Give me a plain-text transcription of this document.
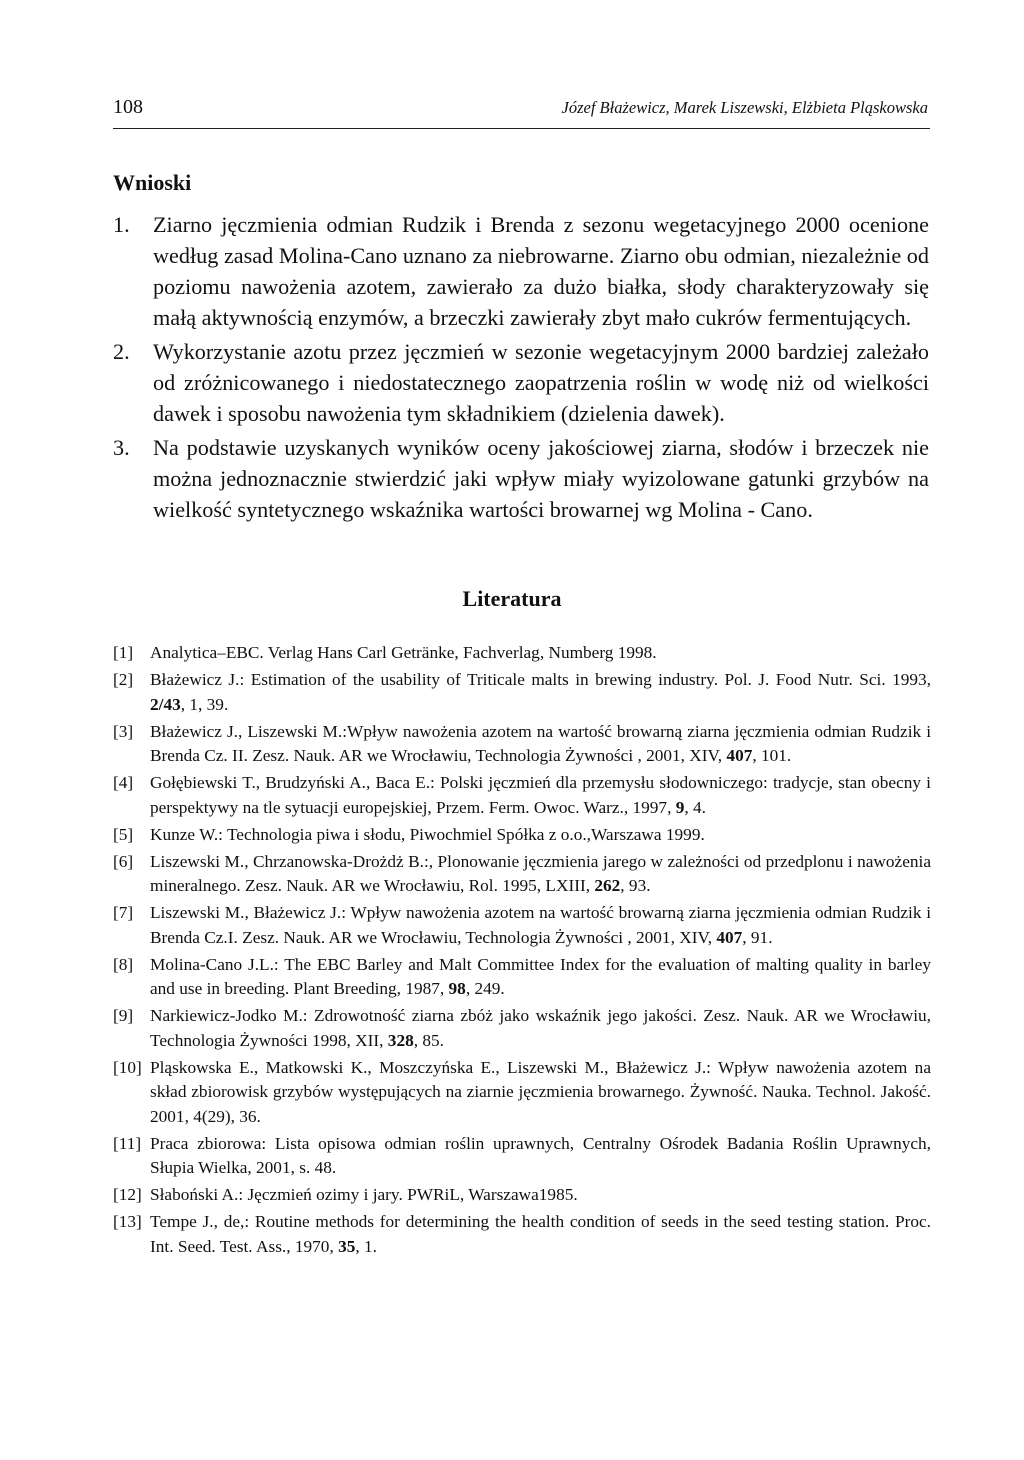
108	Józef Błażewicz, Marek Liszewski, Elżbieta Pląskowska
Wnioski
1. Ziarno jęczmienia odmian Rudzik i Brenda z sezonu wegetacyjnego 2000 ocenione według zasad Molina-Cano uznano za niebrowarne. Ziarno obu odmian, niezależnie od poziomu nawożenia azotem, zawierało za dużo białka, słody charakteryzowały się małą aktywnością enzymów, a brzeczki zawierały zbyt mało cukrów fermentujących.
2. Wykorzystanie azotu przez jęczmień w sezonie wegetacyjnym 2000 bardziej zależało od zróżnicowanego i niedostatecznego zaopatrzenia roślin w wodę niż od wielkości dawek i sposobu nawożenia tym składnikiem (dzielenia dawek).
3. Na podstawie uzyskanych wyników oceny jakościowej ziarna, słodów i brzeczek nie można jednoznacznie stwierdzić jaki wpływ miały wyizolowane gatunki grzybów na wielkość syntetycznego wskaźnika wartości browarnej wg Molina - Cano.
Literatura
[1] Analytica–EBC. Verlag Hans Carl Getränke, Fachverlag, Numberg 1998.
[2] Błażewicz J.: Estimation of the usability of Triticale malts in brewing industry. Pol. J. Food Nutr. Sci. 1993, 2/43, 1, 39.
[3] Błażewicz J., Liszewski M.:Wpływ nawożenia azotem na wartość browarną ziarna jęczmienia odmian Rudzik i Brenda Cz. II. Zesz. Nauk. AR we Wrocławiu, Technologia Żywności , 2001, XIV, 407, 101.
[4] Gołębiewski T., Brudzyński A., Baca E.: Polski jęczmień dla przemysłu słodowniczego: tradycje, stan obecny i perspektywy na tle sytuacji europejskiej, Przem. Ferm. Owoc. Warz., 1997, 9, 4.
[5] Kunze W.: Technologia piwa i słodu, Piwochmiel Spółka z o.o.,Warszawa 1999.
[6] Liszewski M., Chrzanowska-Drożdż B.:, Plonowanie jęczmienia jarego w zależności od przedplonu i nawożenia mineralnego. Zesz. Nauk. AR we Wrocławiu, Rol. 1995, LXIII, 262, 93.
[7] Liszewski M., Błażewicz J.: Wpływ nawożenia azotem na wartość browarną ziarna jęczmienia odmian Rudzik i Brenda Cz.I. Zesz. Nauk. AR we Wrocławiu, Technologia Żywności , 2001, XIV, 407, 91.
[8] Molina-Cano J.L.: The EBC Barley and Malt Committee Index for the evaluation of malting quality in barley and use in breeding. Plant Breeding, 1987, 98, 249.
[9] Narkiewicz-Jodko M.: Zdrowotność ziarna zbóż jako wskaźnik jego jakości. Zesz. Nauk. AR we Wrocławiu, Technologia Żywności 1998, XII, 328, 85.
[10] Pląskowska E., Matkowski K., Moszczyńska E., Liszewski M., Błażewicz J.: Wpływ nawożenia azotem na skład zbiorowisk grzybów występujących na ziarnie jęczmienia browarnego. Żywność. Nauka. Technol. Jakość. 2001, 4(29), 36.
[11] Praca zbiorowa: Lista opisowa odmian roślin uprawnych, Centralny Ośrodek Badania Roślin Uprawnych, Słupia Wielka, 2001, s. 48.
[12] Słaboński A.: Jęczmień ozimy i jary. PWRiL, Warszawa1985.
[13] Tempe J., de,: Routine methods for determining the health condition of seeds in the seed testing station. Proc. Int. Seed. Test. Ass., 1970, 35, 1.
